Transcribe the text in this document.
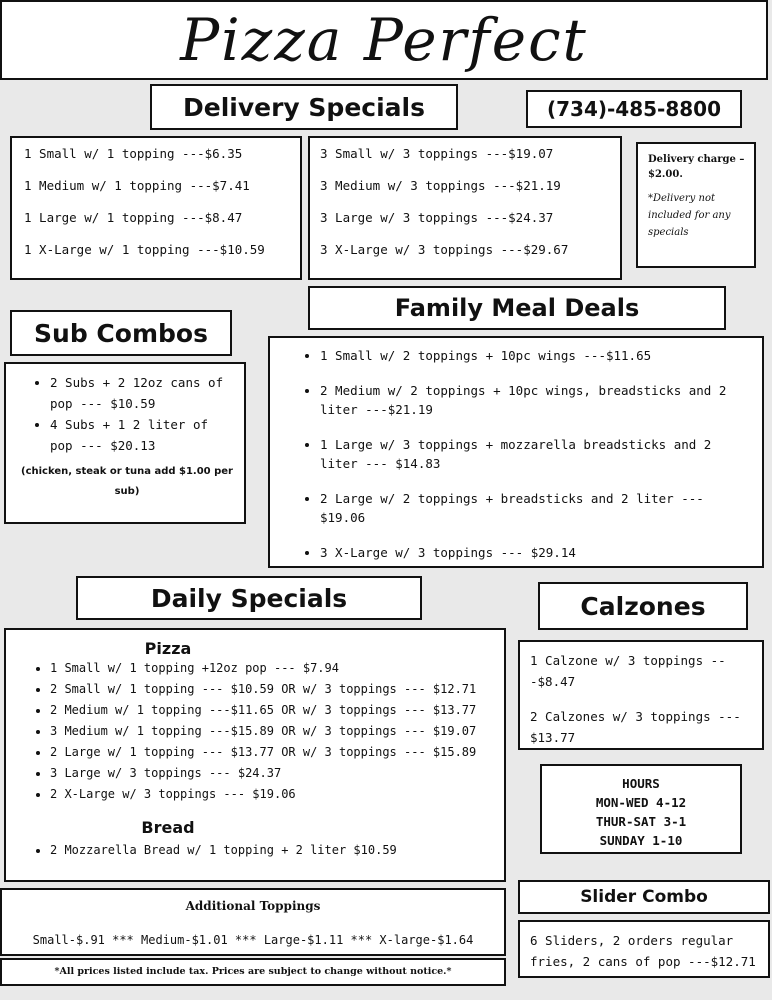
Pizza Perfect
Delivery Specials	(734)-485-8800

1 Small w/ 1 topping ---$6.35

1 Medium w/ 1 topping ---$7.41

1 Large w/ 1 topping ---$8.47

1 X-Large w/ 1 topping ---$10.59

3 Small w/ 3 toppings ---$19.07

3 Medium w/ 3 toppings ---$21.19

3 Large w/ 3 toppings ---$24.37

3 X-Large w/ 3 toppings ---$29.67

Delivery charge – $2.00.
*Delivery not included for any specials
Family Meal Deals
Sub Combos
• 2 Subs + 2 12oz cans of pop --- $10.59
• 4 Subs + 1 2 liter of pop --- $20.13
(chicken, steak or tuna add $1.00 per sub)
• 1 Small w/ 2 toppings + 10pc wings ---$11.65
• 2 Medium w/ 2 toppings + 10pc wings, breadsticks and 2 liter ---$21.19
• 1 Large w/ 3 toppings + mozzarella breadsticks and 2 liter --- $14.83
• 2 Large w/ 2 toppings + breadsticks and 2 liter --- $19.06
• 3 X-Large w/ 3 toppings --- $29.14
Daily Specials	Calzones
Pizza
• 1 Small w/ 1 topping +12oz pop --- $7.94
• 2 Small w/ 1 topping --- $10.59 OR w/ 3 toppings --- $12.71
• 2 Medium w/ 1 topping ---$11.65 OR w/ 3 toppings --- $13.77
• 3 Medium w/ 1 topping ---$15.89 OR w/ 3 toppings --- $19.07
• 2 Large w/ 1 topping --- $13.77 OR w/ 3 toppings --- $15.89
• 3 Large w/ 3 toppings --- $24.37
• 2 X-Large w/ 3 toppings --- $19.06
Bread
• 2 Mozzarella Bread w/ 1 topping + 2 liter $10.59
1 Calzone w/ 3 toppings ---$8.47
2 Calzones w/ 3 toppings --- $13.77
HOURS
MON-WED 4-12
THUR-SAT 3-1
SUNDAY 1-10
Additional Toppings
Small-$.91 *** Medium-$1.01 *** Large-$1.11 *** X-large-$1.64
*All prices listed include tax. Prices are subject to change without notice.*
Slider Combo
6 Sliders, 2 orders regular fries, 2 cans of pop ---$12.71
